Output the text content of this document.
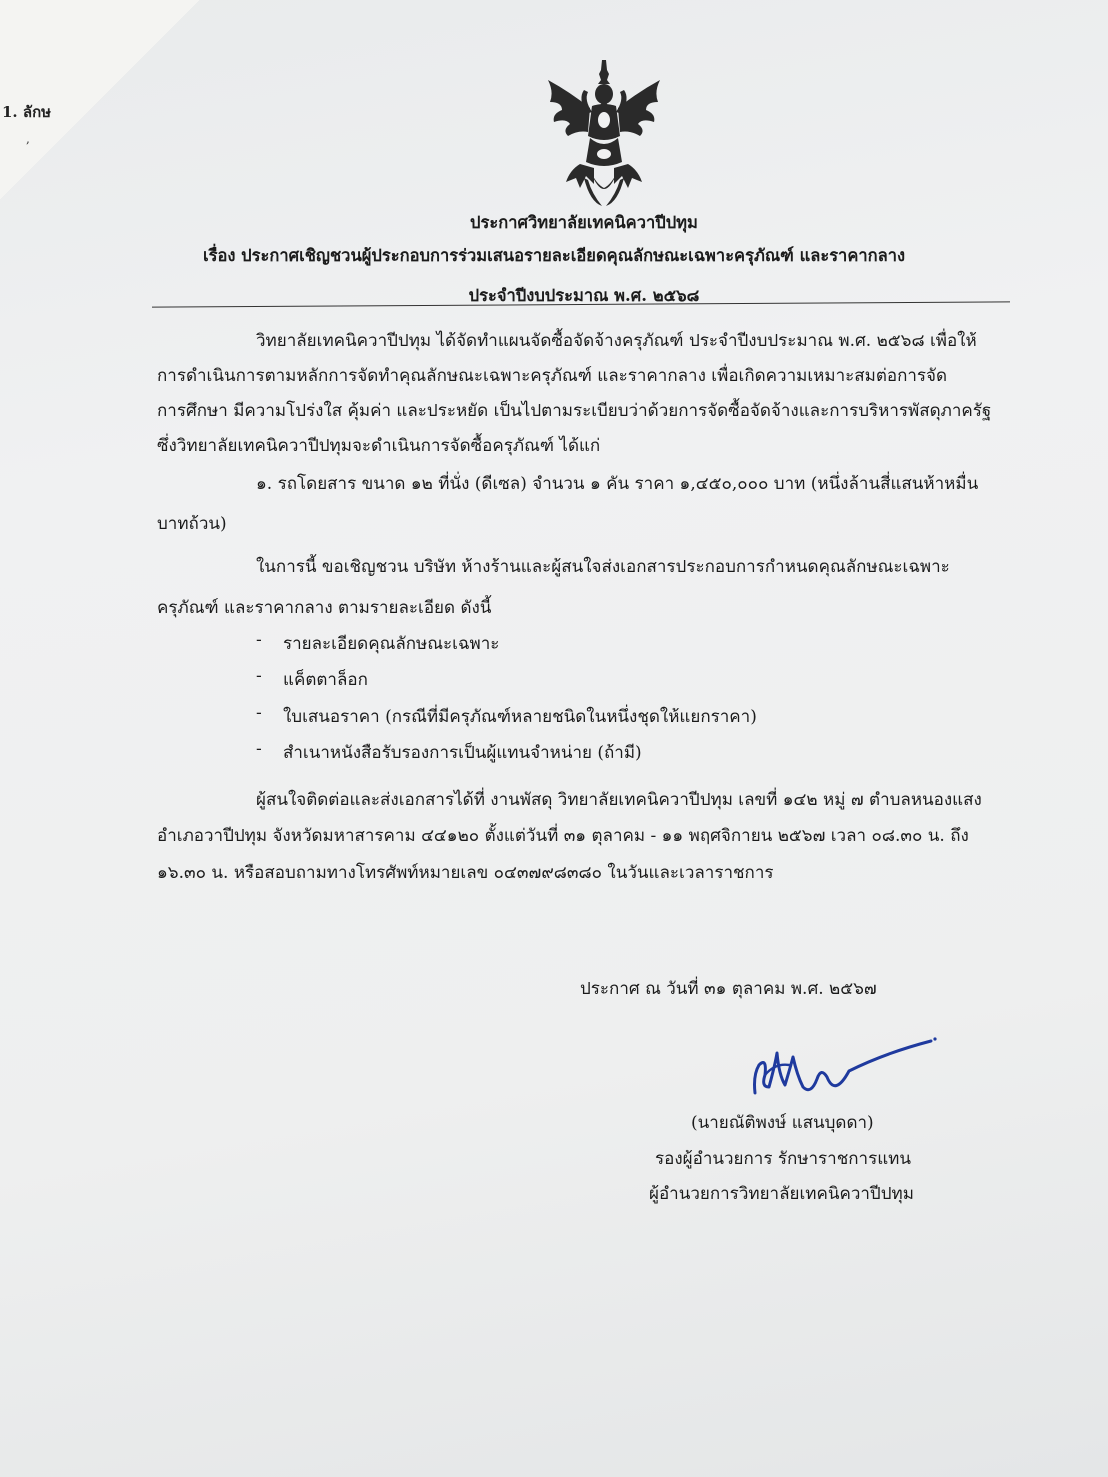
1. ลักษ
,
ประกาศวิทยาลัยเทคนิควาปีปทุม
เรื่อง ประกาศเชิญชวนผู้ประกอบการร่วมเสนอรายละเอียดคุณลักษณะเฉพาะครุภัณฑ์ และราคากลาง
ประจำปีงบประมาณ พ.ศ. ๒๕๖๘
วิทยาลัยเทคนิควาปีปทุม ได้จัดทำแผนจัดซื้อจัดจ้างครุภัณฑ์ ประจำปีงบประมาณ พ.ศ. ๒๕๖๘ เพื่อให้
การดำเนินการตามหลักการจัดทำคุณลักษณะเฉพาะครุภัณฑ์ และราคากลาง เพื่อเกิดความเหมาะสมต่อการจัด
การศึกษา มีความโปร่งใส คุ้มค่า และประหยัด เป็นไปตามระเบียบว่าด้วยการจัดซื้อจัดจ้างและการบริหารพัสดุภาครัฐ
ซึ่งวิทยาลัยเทคนิควาปีปทุมจะดำเนินการจัดซื้อครุภัณฑ์ ได้แก่
๑. รถโดยสาร ขนาด ๑๒ ที่นั่ง (ดีเซล) จำนวน ๑ คัน ราคา ๑,๔๕๐,๐๐๐ บาท (หนึ่งล้านสี่แสนห้าหมื่น
บาทถ้วน)
ในการนี้ ขอเชิญชวน บริษัท ห้างร้านและผู้สนใจส่งเอกสารประกอบการกำหนดคุณลักษณะเฉพาะ
ครุภัณฑ์ และราคากลาง ตามรายละเอียด ดังนี้
- รายละเอียดคุณลักษณะเฉพาะ
- แค็ตตาล็อก
- ใบเสนอราคา (กรณีที่มีครุภัณฑ์หลายชนิดในหนึ่งชุดให้แยกราคา)
- สำเนาหนังสือรับรองการเป็นผู้แทนจำหน่าย (ถ้ามี)
ผู้สนใจติดต่อและส่งเอกสารได้ที่ งานพัสดุ วิทยาลัยเทคนิควาปีปทุม เลขที่ ๑๔๒ หมู่ ๗ ตำบลหนองแสง
อำเภอวาปีปทุม จังหวัดมหาสารคาม ๔๔๑๒๐ ตั้งแต่วันที่ ๓๑ ตุลาคม - ๑๑ พฤศจิกายน ๒๕๖๗ เวลา ๐๘.๓๐ น. ถึง
๑๖.๓๐ น. หรือสอบถามทางโทรศัพท์หมายเลข ๐๔๓๗๙๘๓๘๐ ในวันและเวลาราชการ
ประกาศ ณ วันที่ ๓๑ ตุลาคม พ.ศ. ๒๕๖๗
(นายณัติพงษ์ แสนบุดดา)
รองผู้อำนวยการ รักษาราชการแทน
ผู้อำนวยการวิทยาลัยเทคนิควาปีปทุม
